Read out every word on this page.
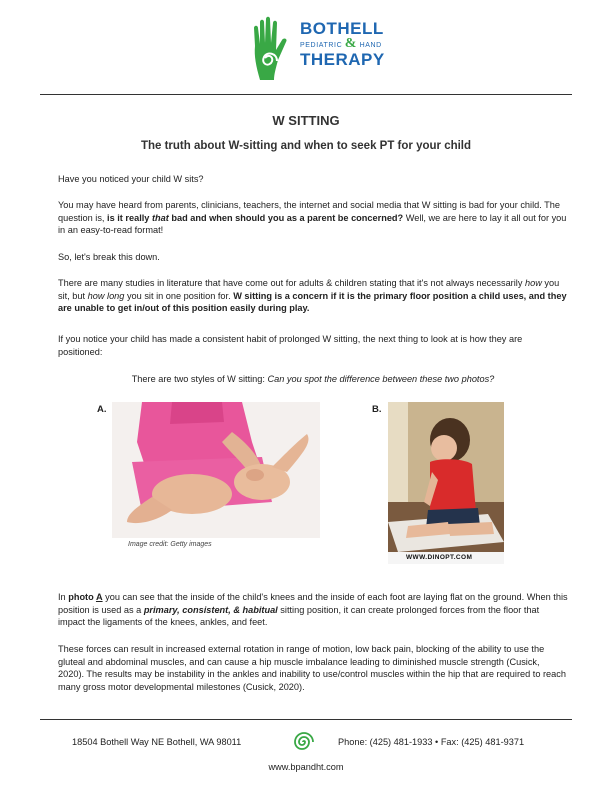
BOTHELL
PEDIATRIC & HAND
THERAPY
W SITTING
The truth about W-sitting and when to seek PT for your child
Have you noticed your child W sits?
You may have heard from parents, clinicians, teachers, the internet and social media that W sitting is bad for your child. The question is, is it really that bad and when should you as a parent be concerned? Well, we are here to lay it all out for you in an easy-to-read format!
So, let's break this down.
There are many studies in literature that have come out for adults & children stating that it's not always necessarily how you sit, but how long you sit in one position for. W sitting is a concern if it is the primary floor position a child uses, and they are unable to get in/out of this position easily during play.
If you notice your child has made a consistent habit of prolonged W sitting, the next thing to look at is how they are positioned:
There are two styles of W sitting: Can you spot the difference between these two photos?
A.
Image credit: Getty images
B.
WWW.DINOPT.COM
In photo A you can see that the inside of the child's knees and the inside of each foot are laying flat on the ground. When this position is used as a primary, consistent, & habitual sitting position, it can create prolonged forces from the floor that impact the ligaments of the knees, ankles, and feet.
These forces can result in increased external rotation in range of motion, low back pain, blocking of the ability to use the gluteal and abdominal muscles, and can cause a hip muscle imbalance leading to diminished muscle strength (Cusick, 2020). The results may be instability in the ankles and inability to use/control muscles within the hip that are required to reach many gross motor developmental milestones (Cusick, 2020).
18504 Bothell Way NE Bothell, WA 98011	Phone: (425) 481-1933 • Fax: (425) 481-9371
www.bpandht.com
